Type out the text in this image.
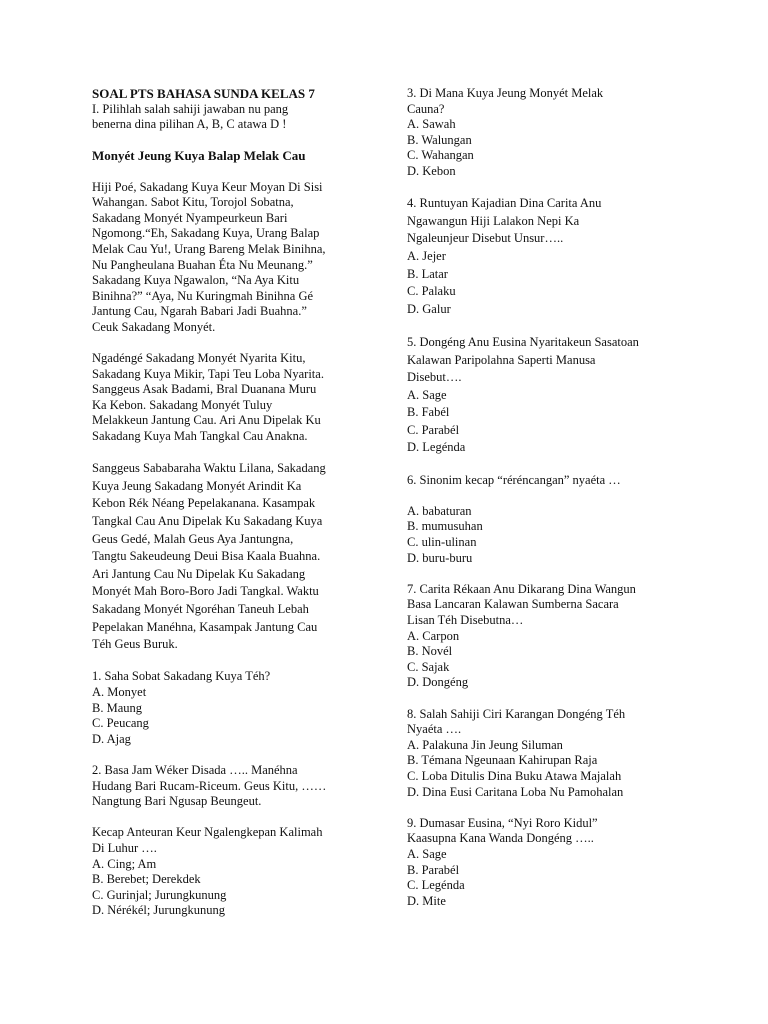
SOAL PTS BAHASA SUNDA KELAS 7
I. Pilihlah salah sahiji jawaban nu pang
benerna dina pilihan A, B, C atawa D !
Monyét Jeung Kuya Balap Melak Cau
Hiji Poé, Sakadang Kuya Keur Moyan Di Sisi
Wahangan. Sabot Kitu, Torojol Sobatna,
Sakadang Monyét Nyampeurkeun Bari
Ngomong.“Eh, Sakadang Kuya, Urang Balap
Melak Cau Yu!, Urang Bareng Melak Binihna,
Nu Pangheulana Buahan Éta Nu Meunang.”
Sakadang Kuya Ngawalon, “Na Aya Kitu
Binihna?” “Aya, Nu Kuringmah Binihna Gé
Jantung Cau, Ngarah Babari Jadi Buahna.”
Ceuk Sakadang Monyét.
Ngadéngé Sakadang Monyét Nyarita Kitu,
Sakadang Kuya Mikir, Tapi Teu Loba Nyarita.
Sanggeus Asak Badami, Bral Duanana Muru
Ka Kebon. Sakadang Monyét Tuluy
Melakkeun Jantung Cau. Ari Anu Dipelak Ku
Sakadang Kuya Mah Tangkal Cau Anakna.
Sanggeus Sababaraha Waktu Lilana, Sakadang
Kuya Jeung Sakadang Monyét Arindit Ka
Kebon Rék Néang Pepelakanana. Kasampak
Tangkal Cau Anu Dipelak Ku Sakadang Kuya
Geus Gedé, Malah Geus Aya Jantungna,
Tangtu Sakeudeung Deui Bisa Kaala Buahna.
Ari Jantung Cau Nu Dipelak Ku Sakadang
Monyét Mah Boro-Boro Jadi Tangkal. Waktu
Sakadang Monyét Ngoréhan Taneuh Lebah
Pepelakan Manéhna, Kasampak Jantung Cau
Téh Geus Buruk.
1. Saha Sobat Sakadang Kuya Téh?
A. Monyet
B. Maung
C. Peucang
D. Ajag
2. Basa Jam Wéker Disada ….. Manéhna
Hudang Bari Rucam-Riceum. Geus Kitu, ……
Nangtung Bari Ngusap Beungeut.
Kecap Anteuran Keur Ngalengkepan Kalimah
Di Luhur ….
A. Cing; Am
B. Berebet; Derekdek
C. Gurinjal; Jurungkunung
D. Nérékél; Jurungkunung
3. Di Mana Kuya Jeung Monyét Melak
Cauna?
A. Sawah
B. Walungan
C. Wahangan
D. Kebon
4. Runtuyan Kajadian Dina Carita Anu
Ngawangun Hiji Lalakon Nepi Ka
Ngaleunjeur Disebut Unsur…..
A. Jejer
B. Latar
C. Palaku
D. Galur
5. Dongéng Anu Eusina Nyaritakeun Sasatoan
Kalawan Paripolahna Saperti Manusa
Disebut….
A. Sage
B. Fabél
C. Parabél
D. Legénda
6. Sinonim kecap “réréncangan” nyaéta …
A. babaturan
B. mumusuhan
C. ulin-ulinan
D. buru-buru
7. Carita Rékaan Anu Dikarang Dina Wangun
Basa Lancaran Kalawan Sumberna Sacara
Lisan Téh Disebutna…
A. Carpon
B. Novél
C. Sajak
D. Dongéng
8. Salah Sahiji Ciri Karangan Dongéng Téh
Nyaéta ….
A. Palakuna Jin Jeung Siluman
B. Témana Ngeunaan Kahirupan Raja
C. Loba Ditulis Dina Buku Atawa Majalah
D. Dina Eusi Caritana Loba Nu Pamohalan
9. Dumasar Eusina, “Nyi Roro Kidul”
Kaasupna Kana Wanda Dongéng …..
A. Sage
B. Parabél
C. Legénda
D. Mite
